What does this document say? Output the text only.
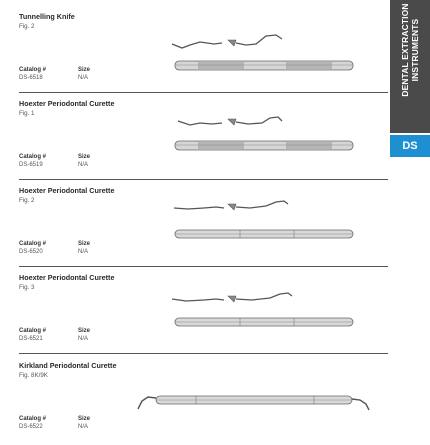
DENTAL EXTRACTION INSTRUMENTS
DS
Tunnelling Knife
Fig. 2
Catalog #	Size
DS-6518	N/A
Hoexter Periodontal Curette
Fig. 1
Catalog #	Size
DS-6519	N/A
Hoexter Periodontal Curette
Fig. 2
Catalog #	Size
DS-6520	N/A
Hoexter Periodontal Curette
Fig. 3
Catalog #	Size
DS-6521	N/A
Kirkland Periodontal Curette
Fig. 8K/9K
Catalog #	Size
DS-6522	N/A
